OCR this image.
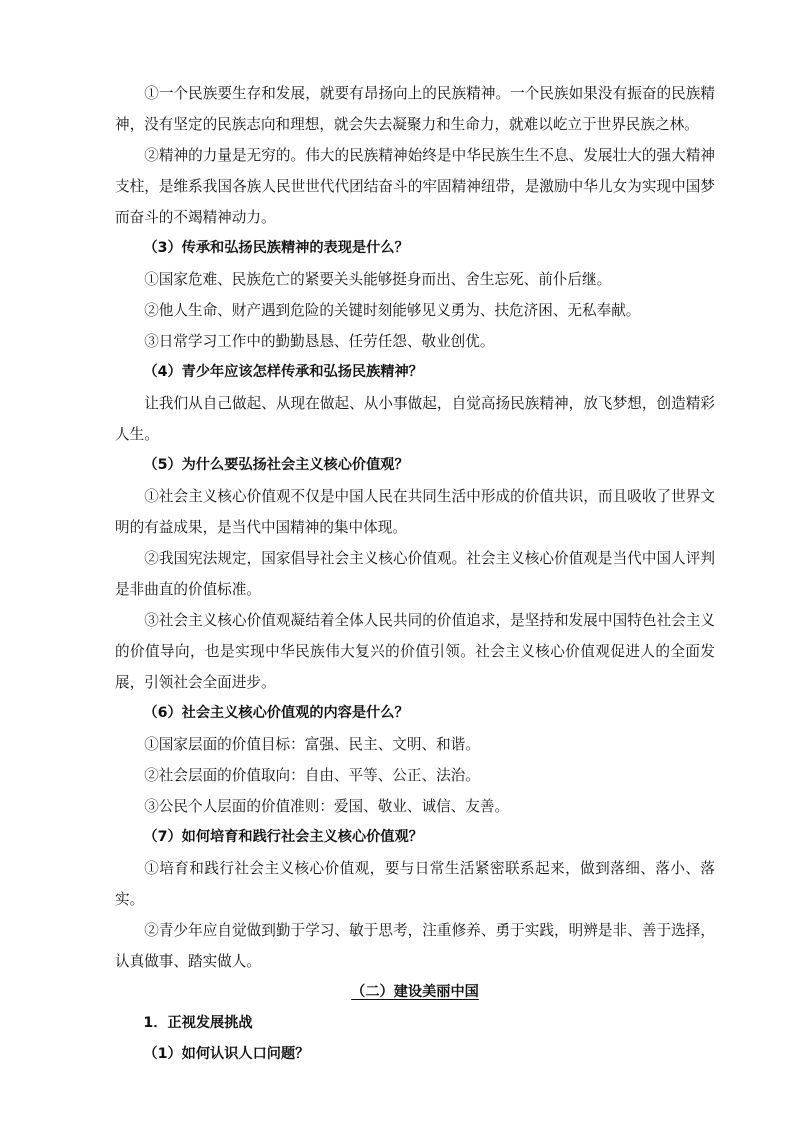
①一个民族要生存和发展，就要有昂扬向上的民族精神。一个民族如果没有振奋的民族精神，没有坚定的民族志向和理想，就会失去凝聚力和生命力，就难以屹立于世界民族之林。

②精神的力量是无穷的。伟大的民族精神始终是中华民族生生不息、发展壮大的强大精神支柱，是维系我国各族人民世世代代团结奋斗的牢固精神纽带，是激励中华儿女为实现中国梦而奋斗的不竭精神动力。

（3）传承和弘扬民族精神的表现是什么？

①国家危难、民族危亡的紧要关头能够挺身而出、舍生忘死、前仆后继。

②他人生命、财产遇到危险的关键时刻能够见义勇为、扶危济困、无私奉献。

③日常学习工作中的勤勤恳恳、任劳任怨、敬业创优。

（4）青少年应该怎样传承和弘扬民族精神？

让我们从自己做起、从现在做起、从小事做起，自觉高扬民族精神，放飞梦想，创造精彩人生。

（5）为什么要弘扬社会主义核心价值观？

①社会主义核心价值观不仅是中国人民在共同生活中形成的价值共识，而且吸收了世界文明的有益成果，是当代中国精神的集中体现。

②我国宪法规定，国家倡导社会主义核心价值观。社会主义核心价值观是当代中国人评判是非曲直的价值标准。

③社会主义核心价值观凝结着全体人民共同的价值追求，是坚持和发展中国特色社会主义的价值导向，也是实现中华民族伟大复兴的价值引领。社会主义核心价值观促进人的全面发展，引领社会全面进步。

（6）社会主义核心价值观的内容是什么？

①国家层面的价值目标：富强、民主、文明、和谐。

②社会层面的价值取向：自由、平等、公正、法治。

③公民个人层面的价值准则：爱国、敬业、诚信、友善。

（7）如何培育和践行社会主义核心价值观？

①培育和践行社会主义核心价值观，要与日常生活紧密联系起来，做到落细、落小、落实。

②青少年应自觉做到勤于学习、敏于思考，注重修养、勇于实践，明辨是非、善于选择，认真做事、踏实做人。

（二）建设美丽中国

1．正视发展挑战

（1）如何认识人口问题？
